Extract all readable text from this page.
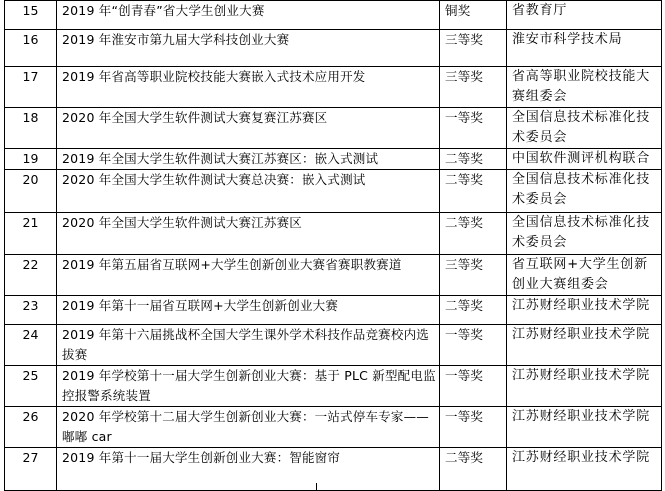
15	2019 年“创青春”省大学生创业大赛	铜奖	省教育厅
16	2019 年淮安市第九届大学科技创业大赛	三等奖	淮安市科学技术局
17	2019 年省高等职业院校技能大赛嵌入式技术应用开发	三等奖	省高等职业院校技能大赛组委会
18	2020 年全国大学生软件测试大赛复赛江苏赛区	一等奖	全国信息技术标准化技术委员会
19	2019 年全国大学生软件测试大赛江苏赛区：嵌入式测试	二等奖	中国软件测评机构联合
20	2020 年全国大学生软件测试大赛总决赛：嵌入式测试	二等奖	全国信息技术标准化技术委员会
21	2020 年全国大学生软件测试大赛江苏赛区	二等奖	全国信息技术标准化技术委员会
22	2019 年第五届省互联网+大学生创新创业大赛省赛职教赛道	三等奖	省互联网+大学生创新创业大赛组委会
23	2019 年第十一届省互联网+大学生创新创业大赛	二等奖	江苏财经职业技术学院
24	2019 年第十六届挑战杯全国大学生课外学术科技作品竞赛校内选拔赛	一等奖	江苏财经职业技术学院
25	2019 年学校第十一届大学生创新创业大赛：基于 PLC 新型配电监控报警系统装置	一等奖	江苏财经职业技术学院
26	2020 年学校第十二届大学生创新创业大赛：一站式停车专家——嘟嘟 car	一等奖	江苏财经职业技术学院
27	2019 年第十一届大学生创新创业大赛：智能窗帘	二等奖	江苏财经职业技术学院
